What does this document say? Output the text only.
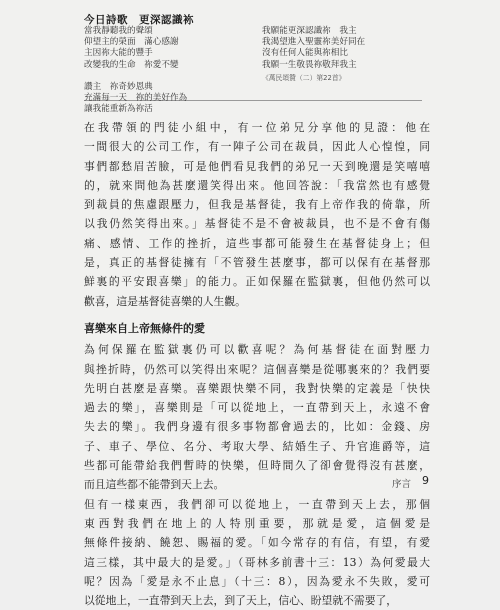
今日詩歌　更深認識袮
當我靜聽我的聲頌
仰望主的榮面　滿心感謝
主因祢大能的豐手
改變我的生命　祢愛不變
讚主　祢奇妙恩典
充滿每一天　祢的美好作為
讓我能重新為祢活
我願能更深認識祢　我主
我渴望進入聖靈祢美好同在
沒有任何人能與祢相比
我願一生敬畏祢敬拜我主
《萬民頌贊（二）第22首》
在我帶領的門徒小組中，有一位弟兄分享他的見證：他在
一間很大的公司工作，有一陣子公司在裁員，因此人心惶惶，同
事們都愁眉苦臉，可是他們看見我們的弟兄一天到晚還是笑嘻嘻
的，就來問他為甚麼還笑得出來。他回答說：「我當然也有感覺
到裁員的焦慮跟壓力，但我是基督徒，我有上帝作我的倚靠，所
以我仍然笑得出來。」基督徒不是不會被裁員，也不是不會有傷
痛、感情、工作的挫折，這些事都可能發生在基督徒身上；但
是，真正的基督徒擁有「不管發生甚麼事，都可以保有在基督那
鮮裏的平安跟喜樂」的能力。正如保羅在監獄裏，但他仍然可以
歡喜，這是基督徒喜樂的人生觀。
喜樂來自上帝無條件的愛
為何保羅在監獄裏仍可以歡喜呢？為何基督徒在面對壓力
與挫折時，仍然可以笑得出來呢？這個喜樂是從哪裏來的？我們要
先明白甚麼是喜樂。喜樂跟快樂不同，我對快樂的定義是「快快
過去的樂」，喜樂則是「可以從地上，一直帶到天上，永遠不會
失去的樂」。我們身邊有很多事物都會過去的，比如：金錢、房
子、車子、學位、名分、考取大學、結婚生子、升官進爵等，這
些都可能帶給我們暫時的快樂，但時間久了卻會覺得沒有甚麼，
而且這些都不能帶到天上去。
但有一樣東西，我們卻可以從地上，一直帶到天上去，那個
東西對我們在地上的人特別重要，那就是愛，這個愛是
無條件接納、饒恕、賜福的愛。「如今常存的有信，有望，有愛
這三樣，其中最大的是愛。」（哥林多前書十三：13）為何愛最大
呢？因為「愛是永不止息」（十三：8），因為愛永不失敗，愛可
以從地上，一直帶到天上去，到了天上，信心、盼望就不需要了，
序言 9
